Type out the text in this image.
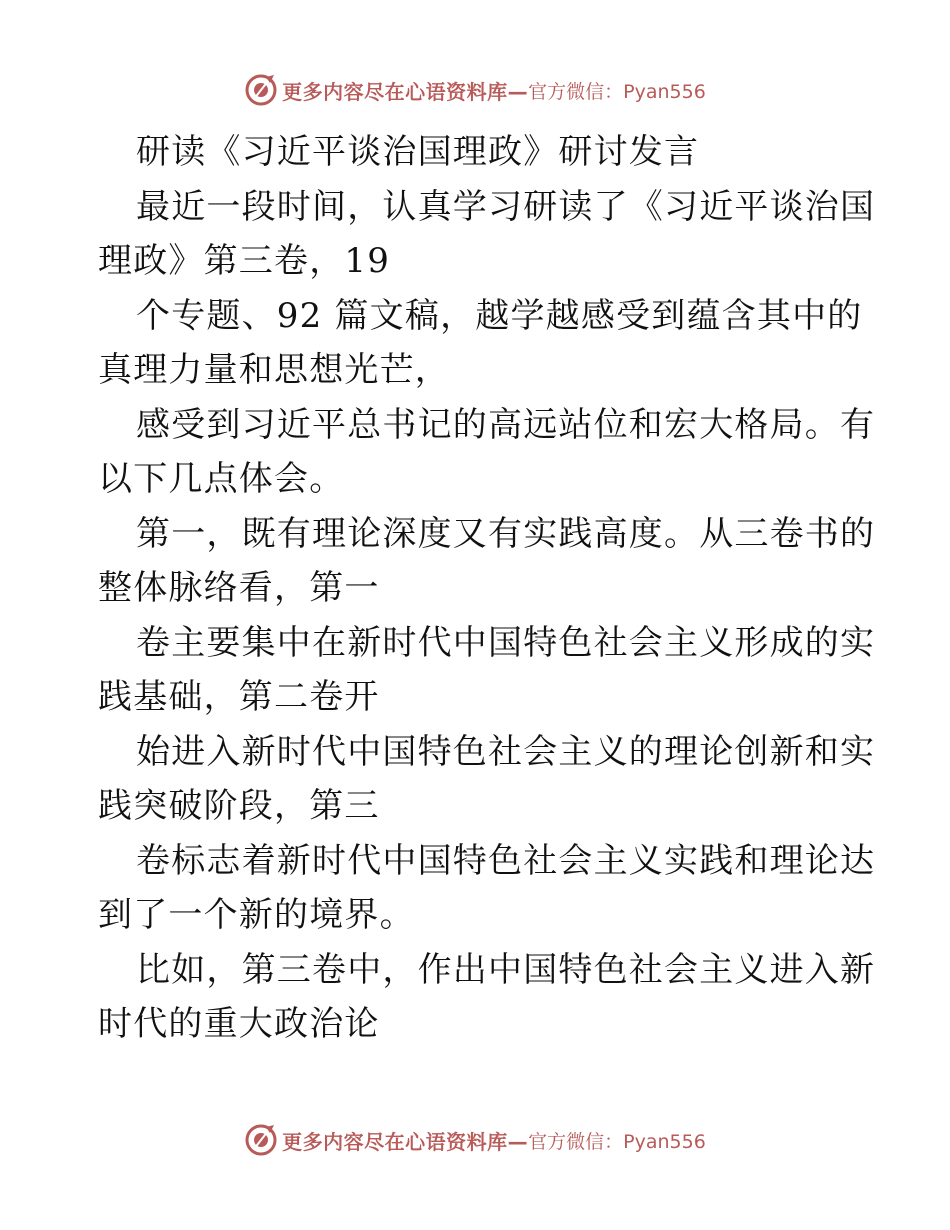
更多内容尽在心语资料库— 官方微信：Pyan556
研读《习近平谈治国理政》研讨发言
最近一段时间，认真学习研读了《习近平谈治国
理政》第三卷，19
个专题、92 篇文稿，越学越感受到蕴含其中的
真理力量和思想光芒，
感受到习近平总书记的高远站位和宏大格局。有
以下几点体会。
第一，既有理论深度又有实践高度。从三卷书的
整体脉络看，第一
卷主要集中在新时代中国特色社会主义形成的实
践基础，第二卷开
始进入新时代中国特色社会主义的理论创新和实
践突破阶段，第三
卷标志着新时代中国特色社会主义实践和理论达
到了一个新的境界。
比如，第三卷中，作出中国特色社会主义进入新
时代的重大政治论
更多内容尽在心语资料库— 官方微信：Pyan556
